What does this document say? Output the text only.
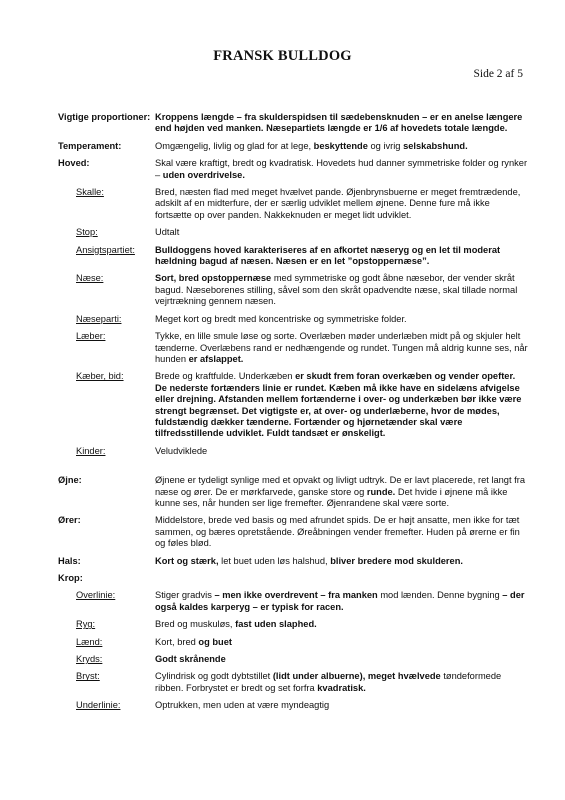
FRANSK BULLDOG
Side 2 af 5
Vigtige proportioner: Kroppens længde – fra skulderspidsen til sædebensknuden – er en anelse længere end højden ved manken. Næsepartiets længde er 1/6 af hovedets totale længde.
Temperament:	Omgængelig, livlig og glad for at lege, beskyttende og ivrig selskabshund.
Hoved:	Skal være kraftigt, bredt og kvadratisk. Hovedets hud danner symmetriske folder og rynker – uden overdrivelse.
Skalle:	Bred, næsten flad med meget hvælvet pande. Øjenbrynsbuerne er meget fremtrædende, adskilt af en midterfure, der er særlig udviklet mellem øjnene. Denne fure må ikke fortsætte op over panden. Nakkeknuden er meget lidt udviklet.
Stop:	Udtalt
Ansigtspartiet:	Bulldoggens hoved karakteriseres af en afkortet næseryg og en let til moderat hældning bagud af næsen. Næsen er en let ”opstoppernæse”.
Næse:	Sort, bred opstoppernæse med symmetriske og godt åbne næsebor, der vender skråt bagud. Næseborenes stilling, såvel som den skråt opadvendte næse, skal tillade normal vejrtrækning gennem næsen.
Næseparti:	Meget kort og bredt med koncentriske og symmetriske folder.
Læber:	Tykke, en lille smule løse og sorte. Overlæben møder underlæben midt på og skjuler helt tænderne. Overlæbens rand er nedhængende og rundet. Tungen må aldrig kunne ses, når hunden er afslappet.
Kæber, bid:	Brede og kraftfulde. Underkæben er skudt frem foran overkæben og vender opefter. De nederste fortænders linie er rundet. Kæben må ikke have en sidelæns afvigelse eller drejning. Afstanden mellem fortænderne i over- og underkæben bør ikke være strengt begrænset. Det vigtigste er, at over- og underlæberne, hvor de mødes, fuldstændig dækker tænderne. Fortænder og hjørnetænder skal være tilfredsstillende udviklet. Fuldt tandsæt er ønskeligt.
Kinder:	Veludviklede
Øjne:	Øjnene er tydeligt synlige med et opvakt og livligt udtryk. De er lavt placerede, ret langt fra næse og ører. De er mørkfarvede, ganske store og runde. Det hvide i øjnene må ikke kunne ses, når hunden ser lige fremefter. Øjenrandene skal være sorte.
Ører:	Middelstore, brede ved basis og med afrundet spids. De er højt ansatte, men ikke for tæt sammen, og bæres opretstående. Øreåbningen vender fremefter. Huden på ørerne er fin og føles blød.
Hals:	Kort og stærk, let buet uden løs halshud, bliver bredere mod skulderen.
Krop:
Overlinie:	Stiger gradvis – men ikke overdrevent – fra manken mod lænden. Denne bygning – der også kaldes karperyg – er typisk for racen.
Ryg:	Bred og muskuløs, fast uden slaphed.
Lænd:	Kort, bred og buet
Kryds:	Godt skrånende
Bryst:	Cylindrisk og godt dybtstillet (lidt under albuerne), meget hvælvede tøndeformede ribben. Forbrystet er bredt og set forfra kvadratisk.
Underlinie:	Optrukken, men uden at være myndeagtig
